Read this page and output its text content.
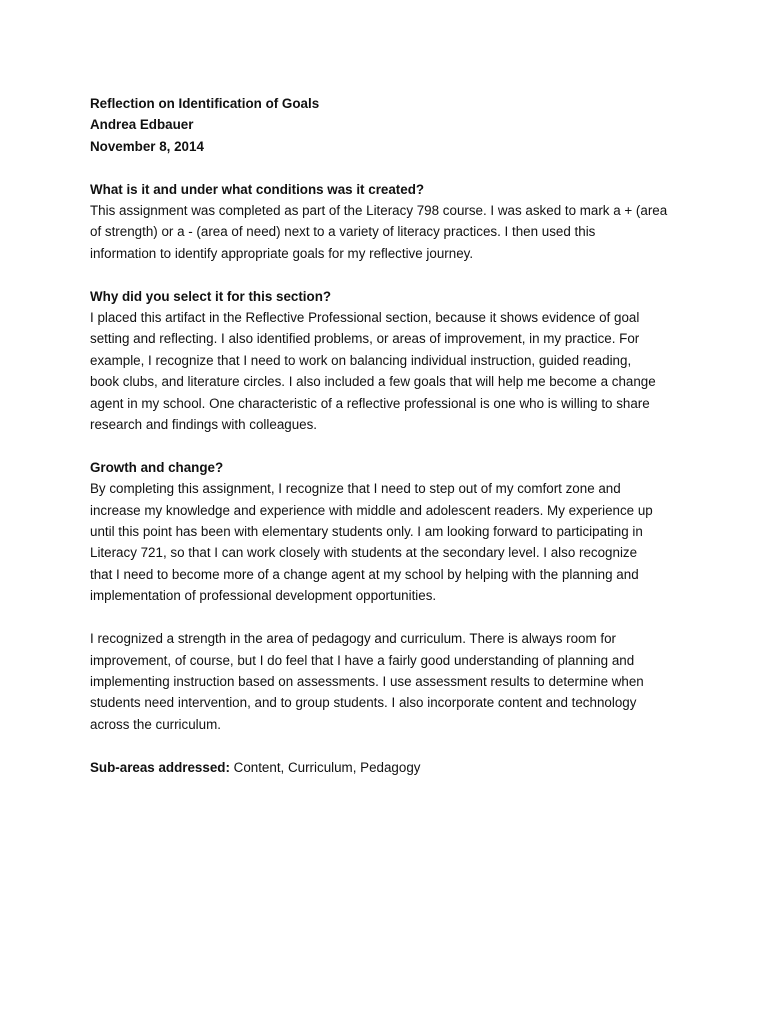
Reflection on Identification of Goals
Andrea Edbauer
November 8, 2014
What is it and under what conditions was it created?
This assignment was completed as part of the Literacy 798 course. I was asked to mark a + (area
of strength) or a - (area of need) next to a variety of literacy practices. I then used this
information to identify appropriate goals for my reflective journey.
Why did you select it for this section?
I placed this artifact in the Reflective Professional section, because it shows evidence of goal
setting and reflecting. I also identified problems, or areas of improvement, in my practice. For
example, I recognize that I need to work on balancing individual instruction, guided reading,
book clubs, and literature circles. I also included a few goals that will help me become a change
agent in my school. One characteristic of a reflective professional is one who is willing to share
research and findings with colleagues.
Growth and change?
By completing this assignment, I recognize that I need to step out of my comfort zone and
increase my knowledge and experience with middle and adolescent readers. My experience up
until this point has been with elementary students only. I am looking forward to participating in
Literacy 721, so that I can work closely with students at the secondary level. I also recognize
that I need to become more of a change agent at my school by helping with the planning and
implementation of professional development opportunities.
I recognized a strength in the area of pedagogy and curriculum. There is always room for
improvement, of course, but I do feel that I have a fairly good understanding of planning and
implementing instruction based on assessments. I use assessment results to determine when
students need intervention, and to group students. I also incorporate content and technology
across the curriculum.
Sub-areas addressed: Content, Curriculum, Pedagogy
